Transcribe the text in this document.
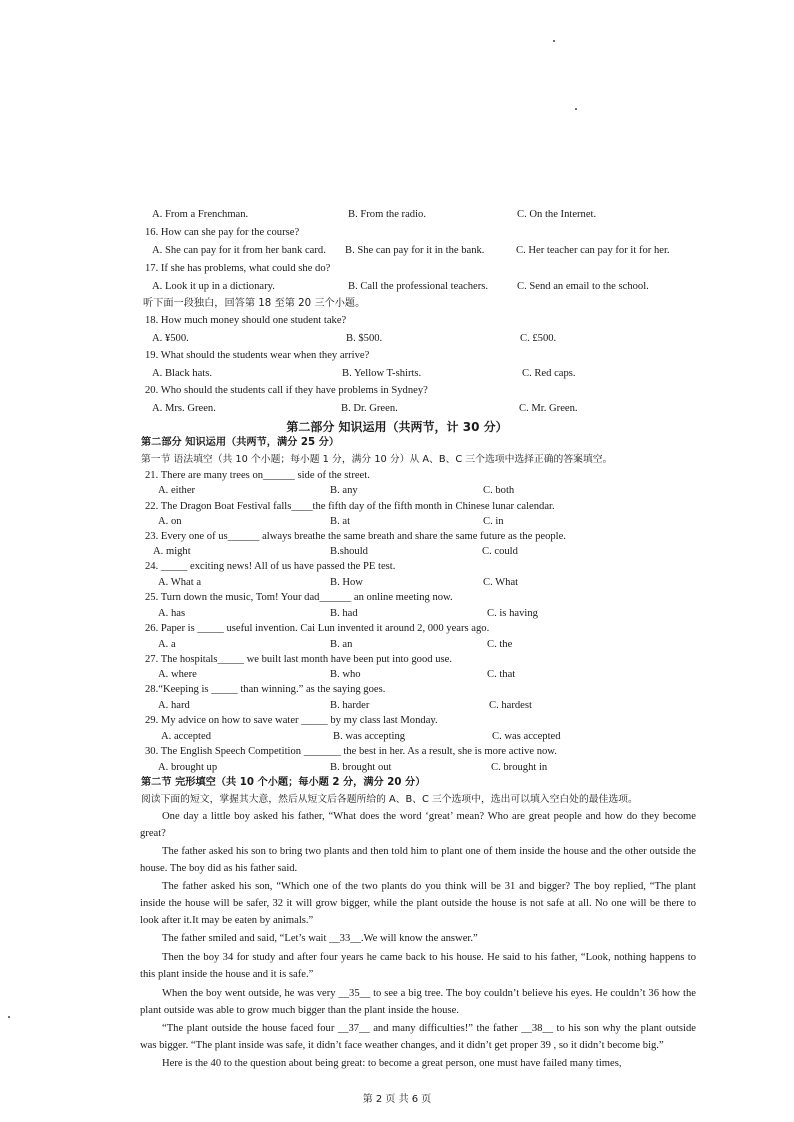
A. From a Frenchman.	B. From the radio.	C. On the Internet.
16. How can she pay for the course?
A. She can pay for it from her bank card. B. She can pay for it in the bank.	C. Her teacher can pay for it for her.
17. If she has problems, what could she do?
A. Look it up in a dictionary.	B. Call the professional teachers.	C. Send an email to the school.
听下面一段独白，回答第 18 至第 20 三个小题。
18. How much money should one student take?
A. ¥500.	B. $500.	C. £500.
19. What should the students wear when they arrive?
A. Black hats.	B. Yellow T-shirts.	C. Red caps.
20. Who should the students call if they have problems in Sydney?
A. Mrs. Green.	B. Dr. Green.	C. Mr. Green.
第二部分 知识运用（共两节，计 30 分）
第二部分 知识运用（共两节，满分 25 分）
第一节 语法填空（共 10 个小题；每小题 1 分，满分 10 分）从 A、B、C 三个选项中选择正确的答案填空。
21. There are many trees on______ side of the street.
A. either	B. any	C. both
22. The Dragon Boat Festival falls____the fifth day of the fifth month in Chinese lunar calendar.
A. on	B. at	C. in
23. Every one of us______ always breathe the same breath and share the same future as the people.
A. might	B.should	C. could
24. _____ exciting news! All of us have passed the PE test.
A. What a	B. How	C. What
25. Turn down the music, Tom! Your dad______ an online meeting now.
A. has	B. had	C. is having
26. Paper is _____ useful invention. Cai Lun invented it around 2, 000 years ago.
A. a	B. an	C. the
27. The hospitals_____ we built last month have been put into good use.
A. where	B. who	C. that
28.“Keeping is _____ than winning.” as the saying goes.
A. hard	B. harder	C. hardest
29. My advice on how to save water _____ by my class last Monday.
A. accepted	B. was accepting	C. was accepted
30. The English Speech Competition _______ the best in her. As a result, she is more active now.
A. brought up	B. brought out	C. brought in
第二节 完形填空（共 10 个小题；每小题 2 分，满分 20 分）
阅读下面的短文，掌握其大意，然后从短文后各题所给的 A、B、C 三个选项中，选出可以填入空白处的最佳选项。
One day a little boy asked his father, “What does the word ‘great’ mean? Who are great people and how do they become great?
The father asked his son to bring two plants and then told him to plant one of them inside the house and the other outside the house. The boy did as his father said.
The father asked his son, “Which one of the two plants do you think will be 31 and bigger? The boy replied, “The plant inside the house will be safer, 32 it will grow bigger, while the plant outside the house is not safe at all. No one will be there to look after it.It may be eaten by animals.”
The father smiled and said, “Let’s wait __33__.We will know the answer.”
Then the boy 34 for study and after four years he came back to his house. He said to his father, “Look, nothing happens to this plant inside the house and it is safe.”
When the boy went outside, he was very __35__ to see a big tree. The boy couldn’t believe his eyes. He couldn’t 36 how the plant outside was able to grow much bigger than the plant inside the house.
“The plant outside the house faced four __37__ and many difficulties!” the father __38__ to his son why the plant outside was bigger. “The plant inside was safe, it didn’t face weather changes, and it didn’t get proper 39 , so it didn’t become big.”
Here is the 40 to the question about being great: to become a great person, one must have failed many times,
第 2 页 共 6 页
